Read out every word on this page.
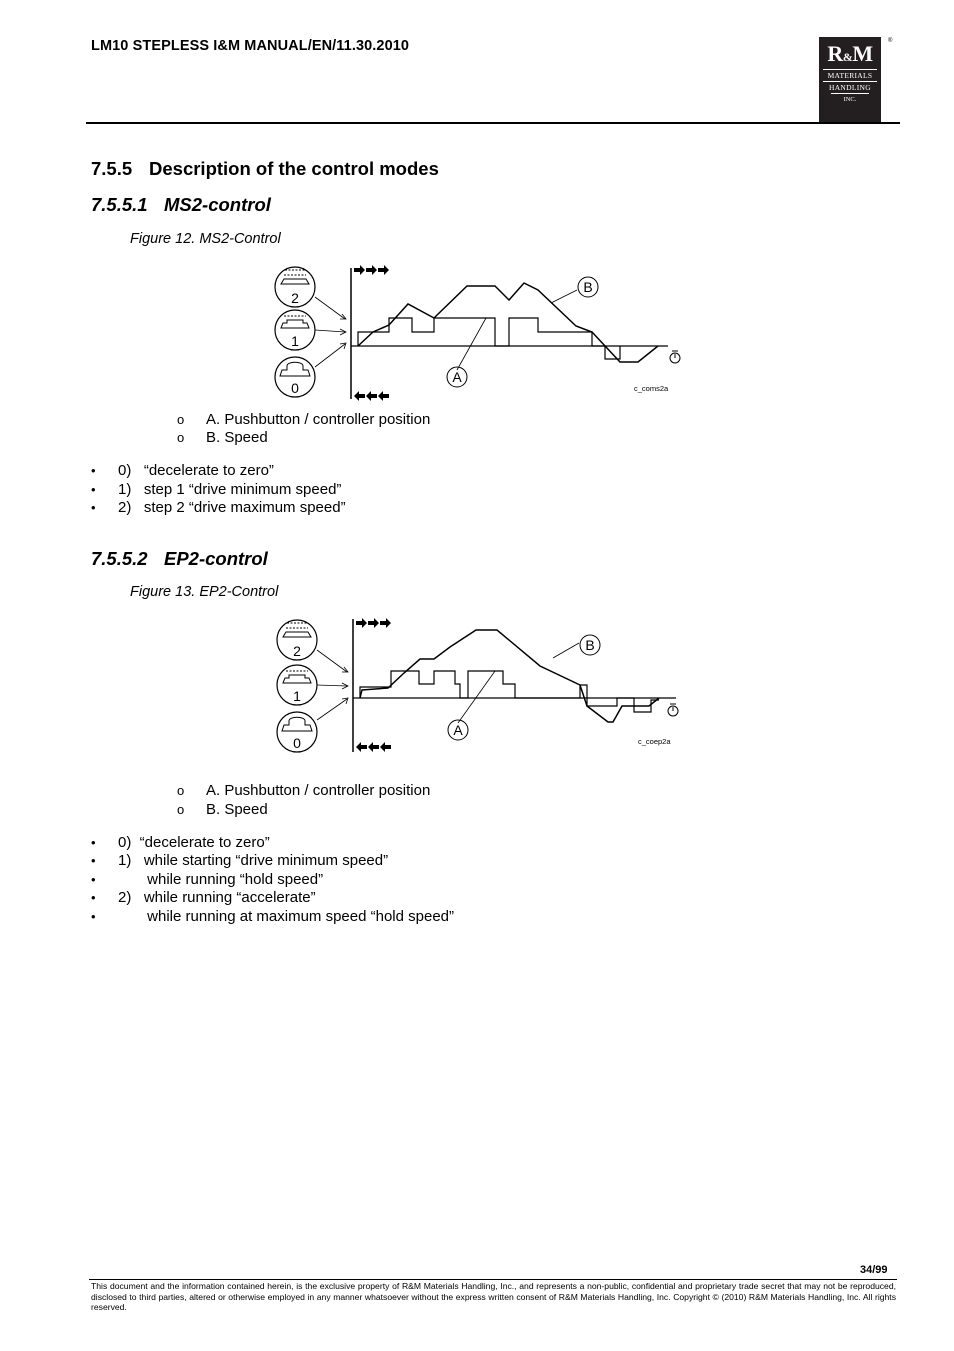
LM10 STEPLESS I&M MANUAL/EN/11.30.2010	R&M
MATERIALS
HANDLING
INC.
®
7.5.5 Description of the control modes
7.5.5.1 MS2-control
Figure 12. MS2-Control
2
1
0
A
B
c_coms2a
o A. Pushbutton / controller position
o B. Speed
• 0)   “decelerate to zero”
• 1)   step 1 “drive minimum speed”
• 2)   step 2 “drive maximum speed”
7.5.5.2 EP2-control
Figure 13. EP2-Control
2
1
0
A
B
c_coep2a
o A. Pushbutton / controller position
o B. Speed
• 0)  “decelerate to zero”
• 1)   while starting “drive minimum speed”
•       while running “hold speed”
• 2)   while running “accelerate”
•       while running at maximum speed “hold speed”
34/99
This document and the information contained herein, is the exclusive property of R&M Materials Handling, Inc., and represents a non-public, confidential and proprietary trade secret that may not be reproduced, disclosed to third parties, altered or otherwise employed in any manner whatsoever without the express written consent of R&M Materials Handling, Inc. Copyright © (2010) R&M Materials Handling, Inc. All rights reserved.
